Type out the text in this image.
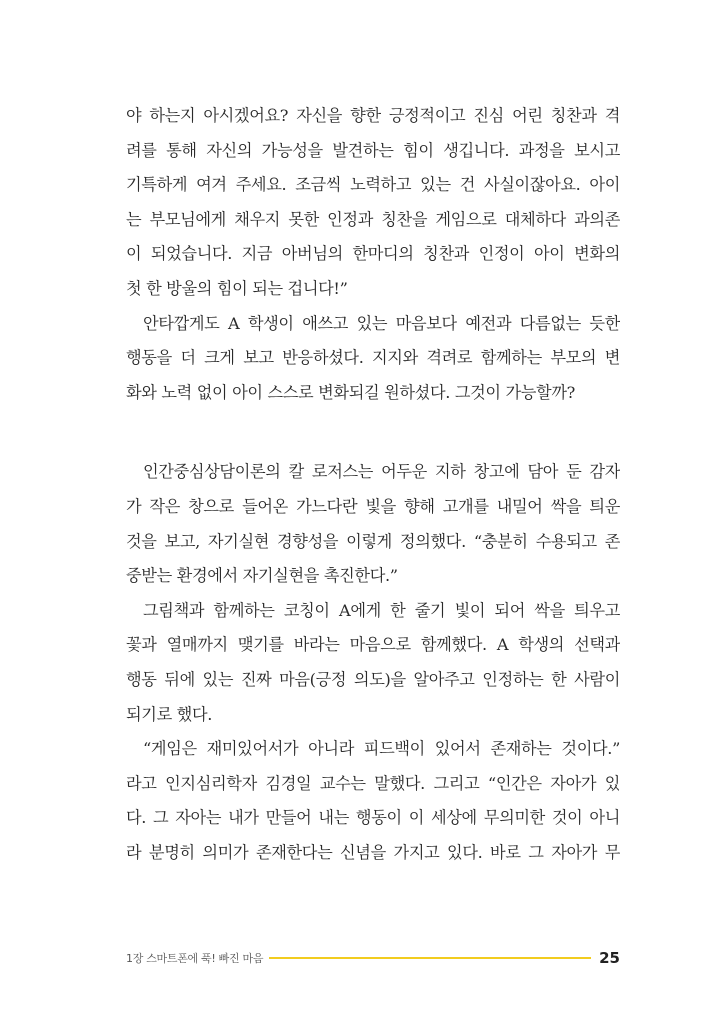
야 하는지 아시겠어요? 자신을 향한 긍정적이고 진심 어린 칭찬과 격
려를 통해 자신의 가능성을 발견하는 힘이 생깁니다. 과정을 보시고
기특하게 여겨 주세요. 조금씩 노력하고 있는 건 사실이잖아요. 아이
는 부모님에게 채우지 못한 인정과 칭찬을 게임으로 대체하다 과의존
이 되었습니다. 지금 아버님의 한마디의 칭찬과 인정이 아이 변화의
첫 한 방울의 힘이 되는 겁니다!”
안타깝게도 A 학생이 애쓰고 있는 마음보다 예전과 다름없는 듯한
행동을 더 크게 보고 반응하셨다. 지지와 격려로 함께하는 부모의 변
화와 노력 없이 아이 스스로 변화되길 원하셨다. 그것이 가능할까?
인간중심상담이론의 칼 로저스는 어두운 지하 창고에 담아 둔 감자
가 작은 창으로 들어온 가느다란 빛을 향해 고개를 내밀어 싹을 틔운
것을 보고, 자기실현 경향성을 이렇게 정의했다. “충분히 수용되고 존
중받는 환경에서 자기실현을 촉진한다.”
그림책과 함께하는 코칭이 A에게 한 줄기 빛이 되어 싹을 틔우고
꽃과 열매까지 맺기를 바라는 마음으로 함께했다. A 학생의 선택과
행동 뒤에 있는 진짜 마음(긍정 의도)을 알아주고 인정하는 한 사람이
되기로 했다.
“게임은 재미있어서가 아니라 피드백이 있어서 존재하는 것이다.”
라고 인지심리학자 김경일 교수는 말했다. 그리고 “인간은 자아가 있
다. 그 자아는 내가 만들어 내는 행동이 이 세상에 무의미한 것이 아니
라 분명히 의미가 존재한다는 신념을 가지고 있다. 바로 그 자아가 무
1장 스마트폰에 푹! 빠진 마음	25
